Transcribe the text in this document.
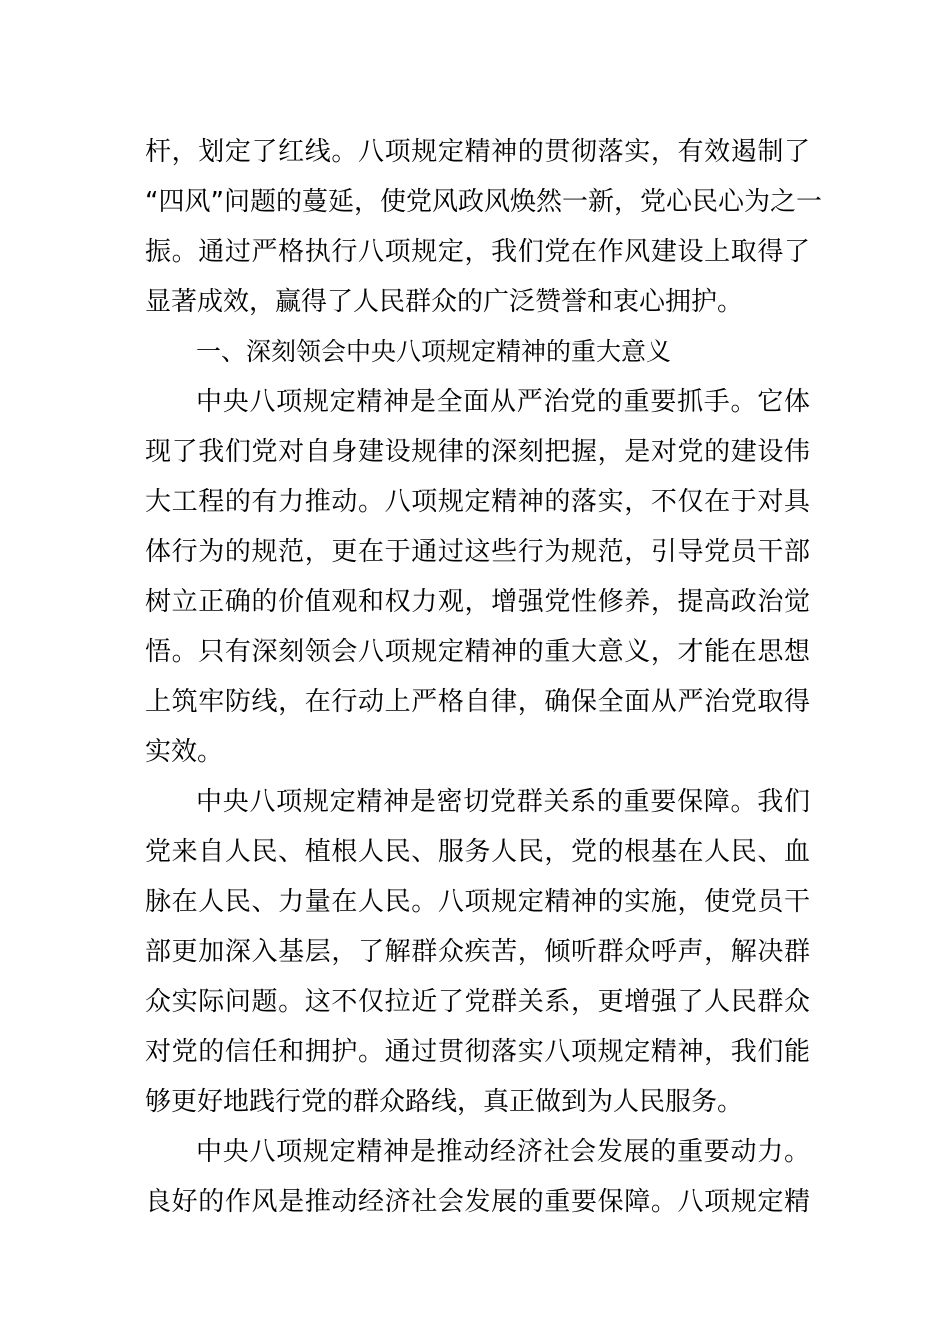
杆，划定了红线。八项规定精神的贯彻落实，有效遏制了
“四风”问题的蔓延，使党风政风焕然一新，党心民心为之一
振。通过严格执行八项规定，我们党在作风建设上取得了
显著成效，赢得了人民群众的广泛赞誉和衷心拥护。
一、深刻领会中央八项规定精神的重大意义
中央八项规定精神是全面从严治党的重要抓手。它体
现了我们党对自身建设规律的深刻把握，是对党的建设伟
大工程的有力推动。八项规定精神的落实，不仅在于对具
体行为的规范，更在于通过这些行为规范，引导党员干部
树立正确的价值观和权力观，增强党性修养，提高政治觉
悟。只有深刻领会八项规定精神的重大意义，才能在思想
上筑牢防线，在行动上严格自律，确保全面从严治党取得
实效。
中央八项规定精神是密切党群关系的重要保障。我们
党来自人民、植根人民、服务人民，党的根基在人民、血
脉在人民、力量在人民。八项规定精神的实施，使党员干
部更加深入基层，了解群众疾苦，倾听群众呼声，解决群
众实际问题。这不仅拉近了党群关系，更增强了人民群众
对党的信任和拥护。通过贯彻落实八项规定精神，我们能
够更好地践行党的群众路线，真正做到为人民服务。
中央八项规定精神是推动经济社会发展的重要动力。
良好的作风是推动经济社会发展的重要保障。八项规定精
